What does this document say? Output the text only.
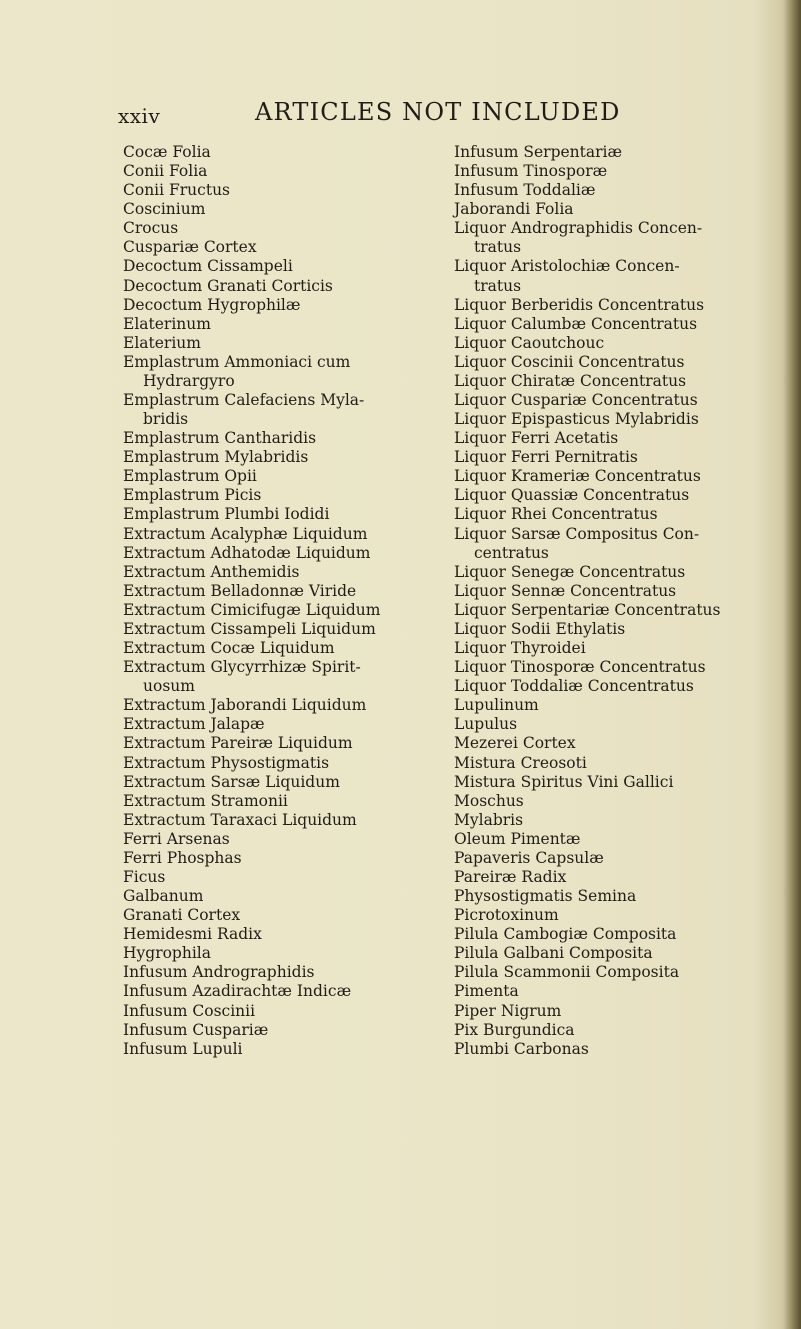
xxiv	ARTICLES NOT INCLUDED
Cocæ Folia
Conii Folia
Conii Fructus
Coscinium
Crocus
Cuspariæ Cortex
Decoctum Cissampeli
Decoctum Granati Corticis
Decoctum Hygrophilæ
Elaterinum
Elaterium
Emplastrum Ammoniaci cum
Hydrargyro
Emplastrum Calefaciens Myla-
bridis
Emplastrum Cantharidis
Emplastrum Mylabridis
Emplastrum Opii
Emplastrum Picis
Emplastrum Plumbi Iodidi
Extractum Acalyphæ Liquidum
Extractum Adhatodæ Liquidum
Extractum Anthemidis
Extractum Belladonnæ Viride
Extractum Cimicifugæ Liquidum
Extractum Cissampeli Liquidum
Extractum Cocæ Liquidum
Extractum Glycyrrhizæ Spirit-
uosum
Extractum Jaborandi Liquidum
Extractum Jalapæ
Extractum Pareiræ Liquidum
Extractum Physostigmatis
Extractum Sarsæ Liquidum
Extractum Stramonii
Extractum Taraxaci Liquidum
Ferri Arsenas
Ferri Phosphas
Ficus
Galbanum
Granati Cortex
Hemidesmi Radix
Hygrophila
Infusum Andrographidis
Infusum Azadirachtæ Indicæ
Infusum Coscinii
Infusum Cuspariæ
Infusum Lupuli
Infusum Serpentariæ
Infusum Tinosporæ
Infusum Toddaliæ
Jaborandi Folia
Liquor Andrographidis Concen-
tratus
Liquor Aristolochiæ Concen-
tratus
Liquor Berberidis Concentratus
Liquor Calumbæ Concentratus
Liquor Caoutchouc
Liquor Coscinii Concentratus
Liquor Chiratæ Concentratus
Liquor Cuspariæ Concentratus
Liquor Epispasticus Mylabridis
Liquor Ferri Acetatis
Liquor Ferri Pernitratis
Liquor Krameriæ Concentratus
Liquor Quassiæ Concentratus
Liquor Rhei Concentratus
Liquor Sarsæ Compositus Con-
centratus
Liquor Senegæ Concentratus
Liquor Sennæ Concentratus
Liquor Serpentariæ Concentratus
Liquor Sodii Ethylatis
Liquor Thyroidei
Liquor Tinosporæ Concentratus
Liquor Toddaliæ Concentratus
Lupulinum
Lupulus
Mezerei Cortex
Mistura Creosoti
Mistura Spiritus Vini Gallici
Moschus
Mylabris
Oleum Pimentæ
Papaveris Capsulæ
Pareiræ Radix
Physostigmatis Semina
Picrotoxinum
Pilula Cambogiæ Composita
Pilula Galbani Composita
Pilula Scammonii Composita
Pimenta
Piper Nigrum
Pix Burgundica
Plumbi Carbonas
